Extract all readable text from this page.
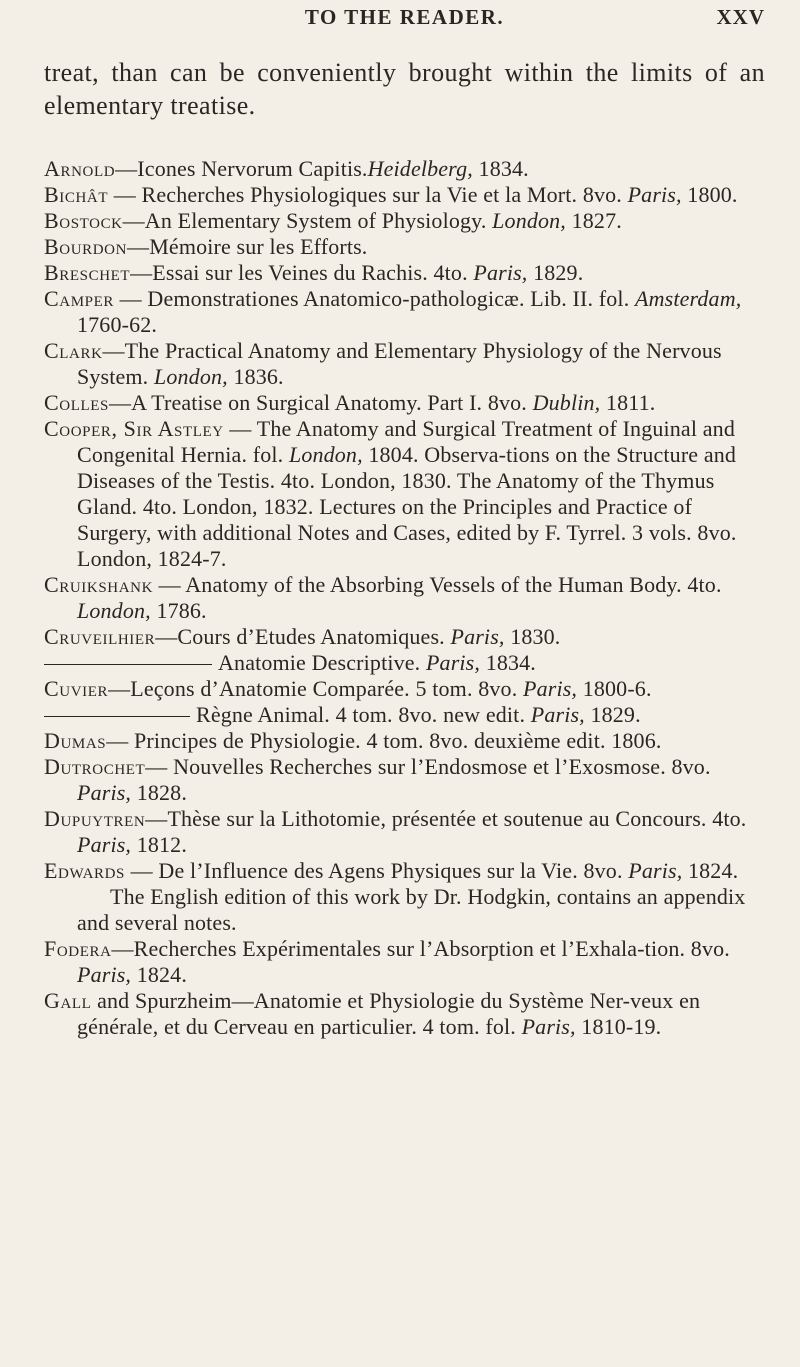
TO THE READER.	XXV

treat, than can be conveniently brought within the limits of an elementary treatise.

Arnold—Icones Nervorum Capitis.Heidelberg, 1834.

Bichât — Recherches Physiologiques sur la Vie et la Mort. 8vo. Paris, 1800.

Bostock—An Elementary System of Physiology. London, 1827.

Bourdon—Mémoire sur les Efforts.

Breschet—Essai sur les Veines du Rachis. 4to. Paris, 1829.

Camper — Demonstrationes Anatomico-pathologicæ. Lib. II. fol. Amsterdam, 1760-62.

Clark—The Practical Anatomy and Elementary Physiology of the Nervous System. London, 1836.

Colles—A Treatise on Surgical Anatomy. Part I. 8vo. Dublin, 1811.

Cooper, Sir Astley — The Anatomy and Surgical Treatment of Inguinal and Congenital Hernia. fol. London, 1804. Observa-tions on the Structure and Diseases of the Testis. 4to. London, 1830. The Anatomy of the Thymus Gland. 4to. London, 1832. Lectures on the Principles and Practice of Surgery, with additional Notes and Cases, edited by F. Tyrrel. 3 vols. 8vo. London, 1824-7.

Cruikshank — Anatomy of the Absorbing Vessels of the Human Body. 4to. London, 1786.

Cruveilhier—Cours d’Etudes Anatomiques. Paris, 1830.

Anatomie Descriptive. Paris, 1834.

Cuvier—Leçons d’Anatomie Comparée. 5 tom. 8vo. Paris, 1800-6.

Règne Animal. 4 tom. 8vo. new edit. Paris, 1829.

Dumas— Principes de Physiologie. 4 tom. 8vo. deuxième edit. 1806.

Dutrochet— Nouvelles Recherches sur l’Endosmose et l’Exosmose. 8vo. Paris, 1828.

Dupuytren—Thèse sur la Lithotomie, présentée et soutenue au Concours. 4to. Paris, 1812.

Edwards — De l’Influence des Agens Physiques sur la Vie. 8vo. Paris, 1824.

The English edition of this work by Dr. Hodgkin, contains an appendix and several notes.

Fodera—Recherches Expérimentales sur l’Absorption et l’Exhala-tion. 8vo. Paris, 1824.

Gall and Spurzheim—Anatomie et Physiologie du Système Ner-veux en générale, et du Cerveau en particulier. 4 tom. fol. Paris, 1810-19.
